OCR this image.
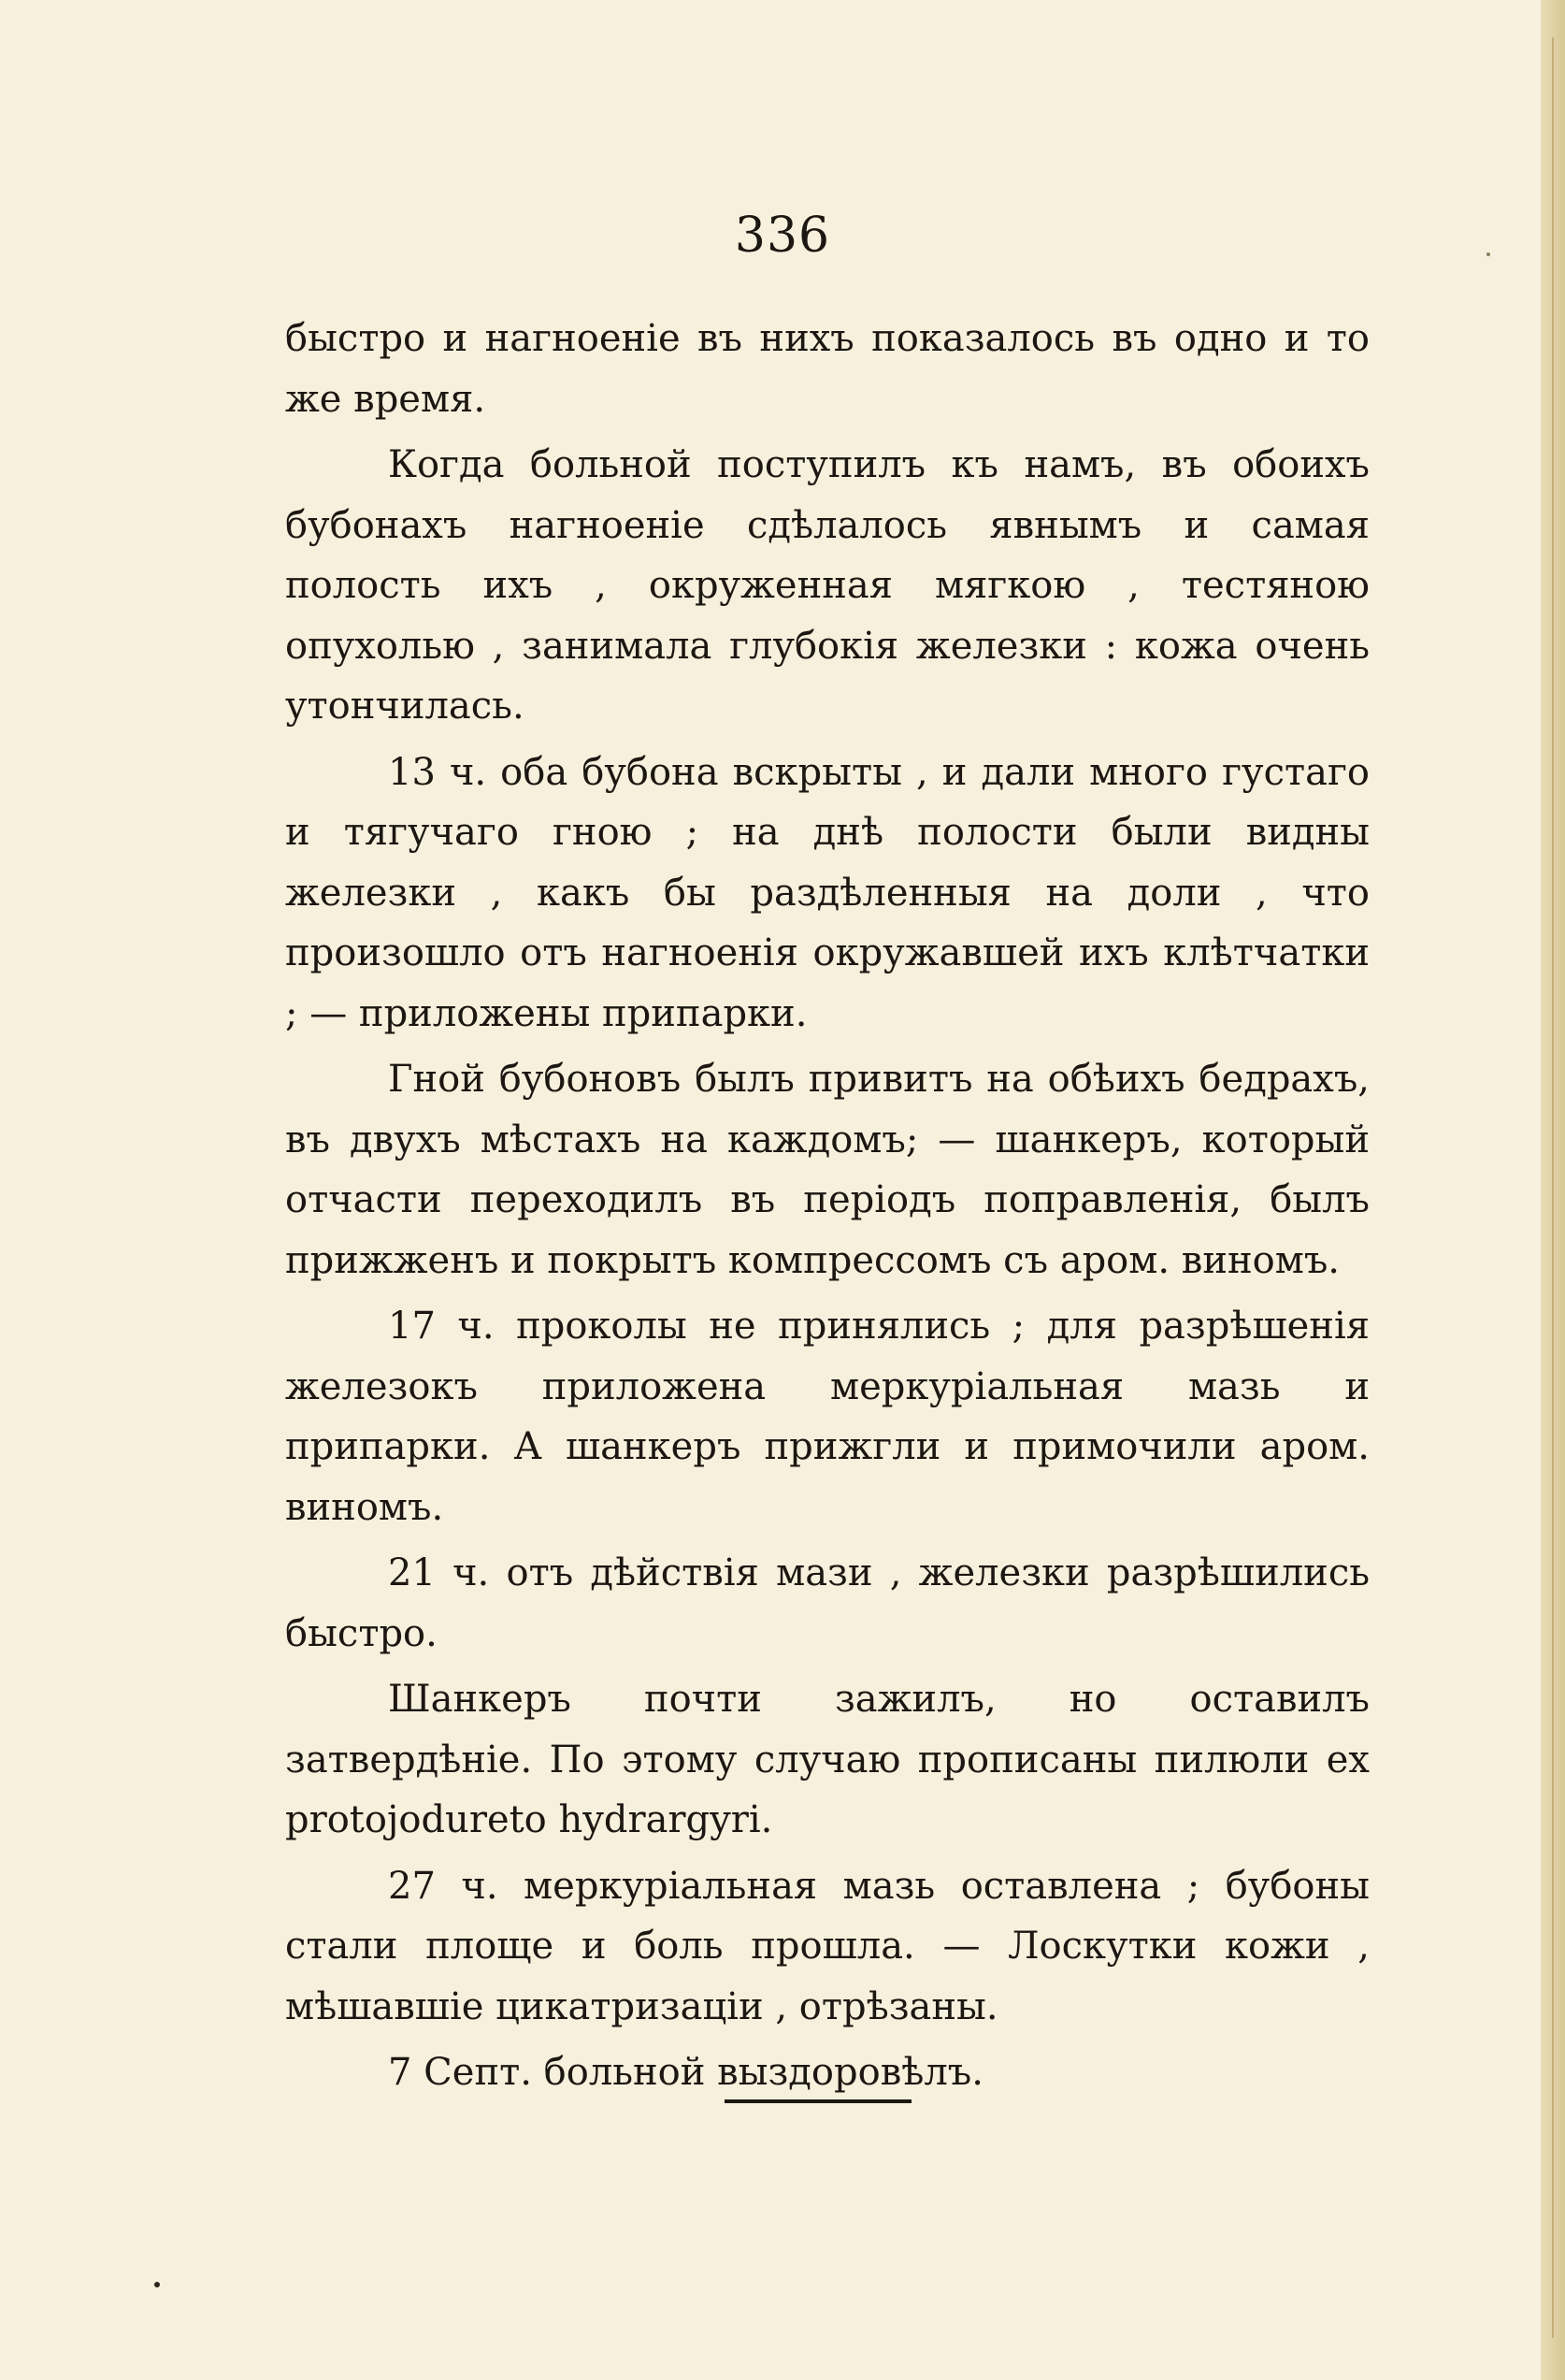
336

быстро и нагноеніе въ нихъ показалось въ одно и то же время.

Когда больной поступилъ къ намъ, въ обоихъ бубонахъ нагноеніе сдѣлалось явнымъ и самая полость ихъ , окруженная мягкою , тестяною опухолью , занимала глубокія железки : кожа очень утончилась.

13 ч. оба бубона вскрыты , и дали много густаго и тягучаго гною ; на днѣ полости были видны железки , какъ бы раздѣленныя на доли , что произошло отъ нагноенія окружавшей ихъ клѣтчатки ; — приложены припарки.

Гной бубоновъ былъ привитъ на обѣихъ бедрахъ, въ двухъ мѣстахъ на каждомъ; — шанкеръ, который отчасти переходилъ въ періодъ поправленія, былъ прижженъ и покрытъ компрессомъ съ аром. виномъ.

17 ч. проколы не принялись ; для разрѣшенія железокъ приложена меркуріальная мазь и припарки. А шанкеръ прижгли и примочили аром. виномъ.

21 ч. отъ дѣйствія мази , железки разрѣшились быстро.

Шанкеръ почти зажилъ, но оставилъ затвердѣніе. По этому случаю прописаны пилюли ex protojodureto hydrargyri.

27 ч. меркуріальная мазь оставлена ; бубоны стали площе и боль прошла. — Лоскутки кожи , мѣшавшіе цикатризаціи , отрѣзаны.

7 Септ. больной выздоровѣлъ.
